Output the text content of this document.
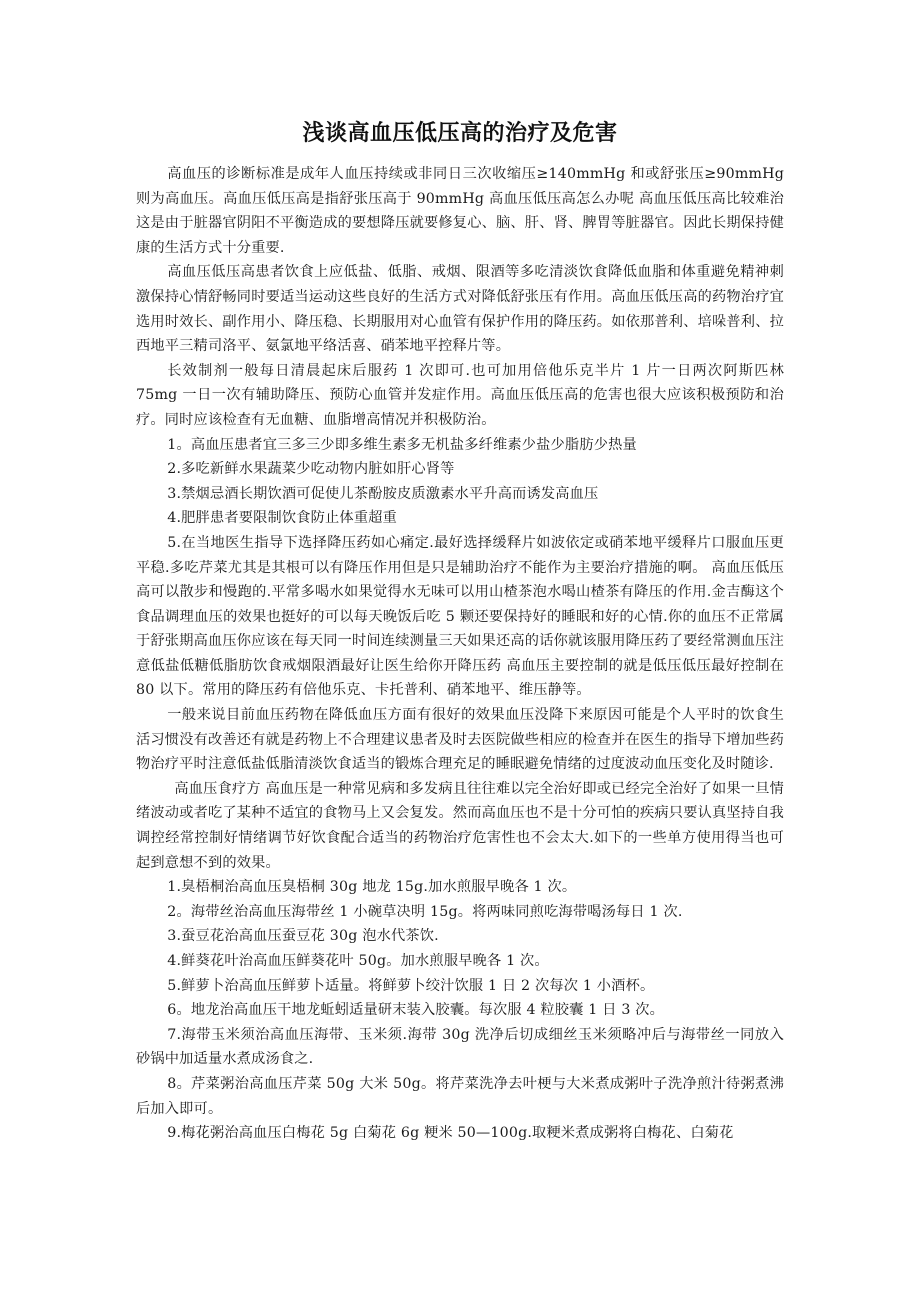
浅谈高血压低压高的治疗及危害

高血压的诊断标准是成年人血压持续或非同日三次收缩压≥140mmHg 和或舒张压≥90mmHg 则为高血压。高血压低压高是指舒张压高于 90mmHg 高血压低压高怎么办呢 高血压低压高比较难治这是由于脏器官阴阳不平衡造成的要想降压就要修复心、脑、肝、肾、脾胃等脏器官。因此长期保持健康的生活方式十分重要.

高血压低压高患者饮食上应低盐、低脂、戒烟、限酒等多吃清淡饮食降低血脂和体重避免精神刺激保持心情舒畅同时要适当运动这些良好的生活方式对降低舒张压有作用。高血压低压高的药物治疗宜选用时效长、副作用小、降压稳、长期服用对心血管有保护作用的降压药。如依那普利、培哚普利、拉西地平三精司洛平、氨氯地平络活喜、硝苯地平控释片等。

长效制剂一般每日清晨起床后服药 1 次即可.也可加用倍他乐克半片 1 片一日两次阿斯匹林 75mg 一日一次有辅助降压、预防心血管并发症作用。高血压低压高的危害也很大应该积极预防和治疗。同时应该检查有无血糖、血脂增高情况并积极防治。

1。高血压患者宜三多三少即多维生素多无机盐多纤维素少盐少脂肪少热量

2.多吃新鲜水果蔬菜少吃动物内脏如肝心肾等

3.禁烟忌酒长期饮酒可促使儿茶酚胺皮质激素水平升高而诱发高血压

4.肥胖患者要限制饮食防止体重超重

5.在当地医生指导下选择降压药如心痛定.最好选择缓释片如波依定或硝苯地平缓释片口服血压更平稳.多吃芹菜尤其是其根可以有降压作用但是只是辅助治疗不能作为主要治疗措施的啊。 高血压低压高可以散步和慢跑的.平常多喝水如果觉得水无味可以用山楂茶泡水喝山楂茶有降压的作用.金吉酶这个食品调理血压的效果也挺好的可以每天晚饭后吃 5 颗还要保持好的睡眠和好的心情.你的血压不正常属于舒张期高血压你应该在每天同一时间连续测量三天如果还高的话你就该服用降压药了要经常测血压注意低盐低糖低脂肪饮食戒烟限酒最好让医生给你开降压药 高血压主要控制的就是低压低压最好控制在 80 以下。常用的降压药有倍他乐克、卡托普利、硝苯地平、维压静等。

一般来说目前血压药物在降低血压方面有很好的效果血压没降下来原因可能是个人平时的饮食生活习惯没有改善还有就是药物上不合理建议患者及时去医院做些相应的检查并在医生的指导下增加些药物治疗平时注意低盐低脂清淡饮食适当的锻炼合理充足的睡眠避免情绪的过度波动血压变化及时随诊.

高血压食疗方 高血压是一种常见病和多发病且往往难以完全治好即或已经完全治好了如果一旦情绪波动或者吃了某种不适宜的食物马上又会复发。然而高血压也不是十分可怕的疾病只要认真坚持自我调控经常控制好情绪调节好饮食配合适当的药物治疗危害性也不会太大.如下的一些单方使用得当也可起到意想不到的效果。

1.臭梧桐治高血压臭梧桐 30g 地龙 15g.加水煎服早晚各 1 次。

2。海带丝治高血压海带丝 1 小碗草决明 15g。将两味同煎吃海带喝汤每日 1 次.

3.蚕豆花治高血压蚕豆花 30g 泡水代茶饮.

4.鲜葵花叶治高血压鲜葵花叶 50g。加水煎服早晚各 1 次。

5.鲜萝卜治高血压鲜萝卜适量。将鲜萝卜绞汁饮服 1 日 2 次每次 1 小酒杯。

6。地龙治高血压干地龙蚯蚓适量研末装入胶囊。每次服 4 粒胶囊 1 日 3 次。

7.海带玉米须治高血压海带、玉米须.海带 30g 洗净后切成细丝玉米须略冲后与海带丝一同放入砂锅中加适量水煮成汤食之.

8。芹菜粥治高血压芹菜 50g 大米 50g。将芹菜洗净去叶梗与大米煮成粥叶子洗净煎汁待粥煮沸后加入即可。

9.梅花粥治高血压白梅花 5g 白菊花 6g 粳米 50—100g.取粳米煮成粥将白梅花、白菊花
